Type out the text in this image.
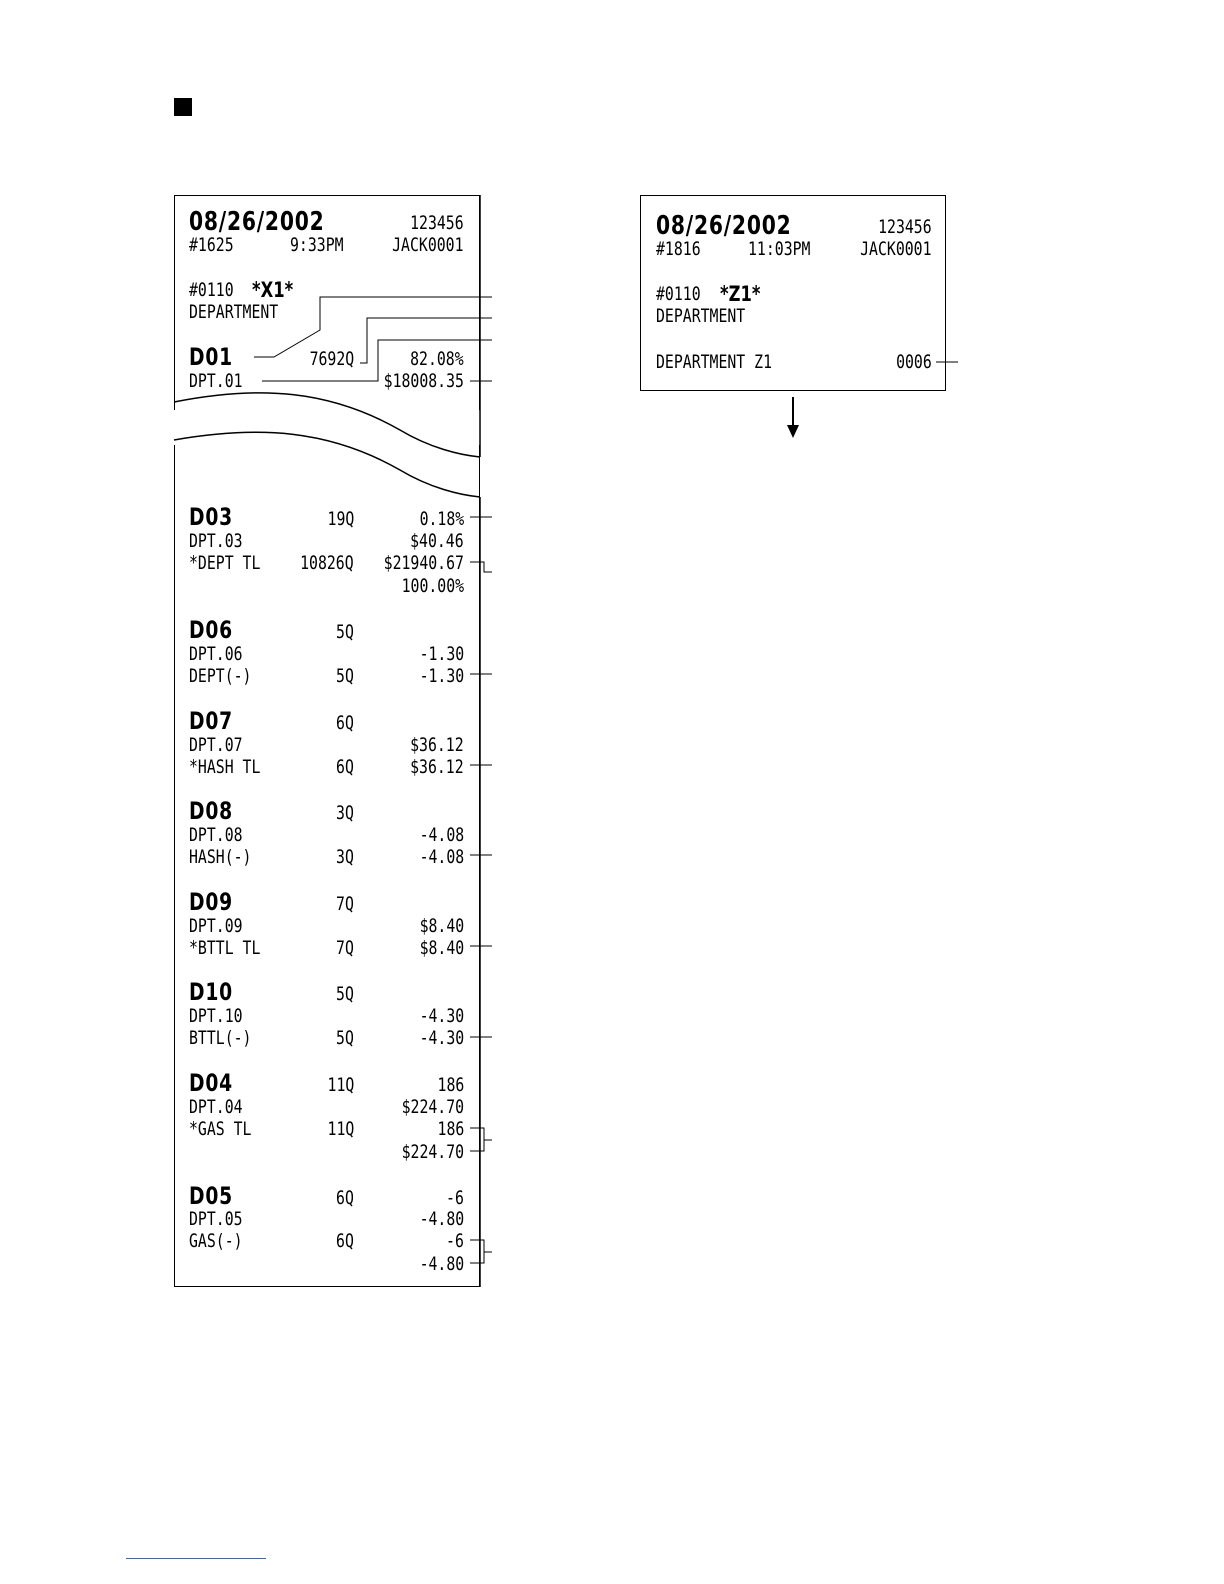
08/26/2002	123456
#1625	9:33PM	JACK0001
#0110 *X1*
DEPARTMENT
D01	7692Q	82.08%
DPT.01	$18008.35
D03	19Q	0.18%
DPT.03	$40.46
*DEPT TL 10826Q $21940.67
100.00%
D06	5Q
DPT.06	-1.30
DEPT(-)	5Q	-1.30
D07	6Q
DPT.07	$36.12
*HASH TL	6Q	$36.12
D08	3Q
DPT.08	-4.08
HASH(-)	3Q	-4.08
D09	7Q
DPT.09	$8.40
*BTTL TL	7Q	$8.40
D10	5Q
DPT.10	-4.30
BTTL(-)	5Q	-4.30
D04	11Q	186
DPT.04	$224.70
*GAS TL	11Q	186
$224.70
D05	6Q	-6
DPT.05	-4.80
GAS(-)	6Q	-6
-4.80
08/26/2002	123456
#1816 11:03PM	JACK0001
#0110 *Z1*
DEPARTMENT
DEPARTMENT Z1	0006
